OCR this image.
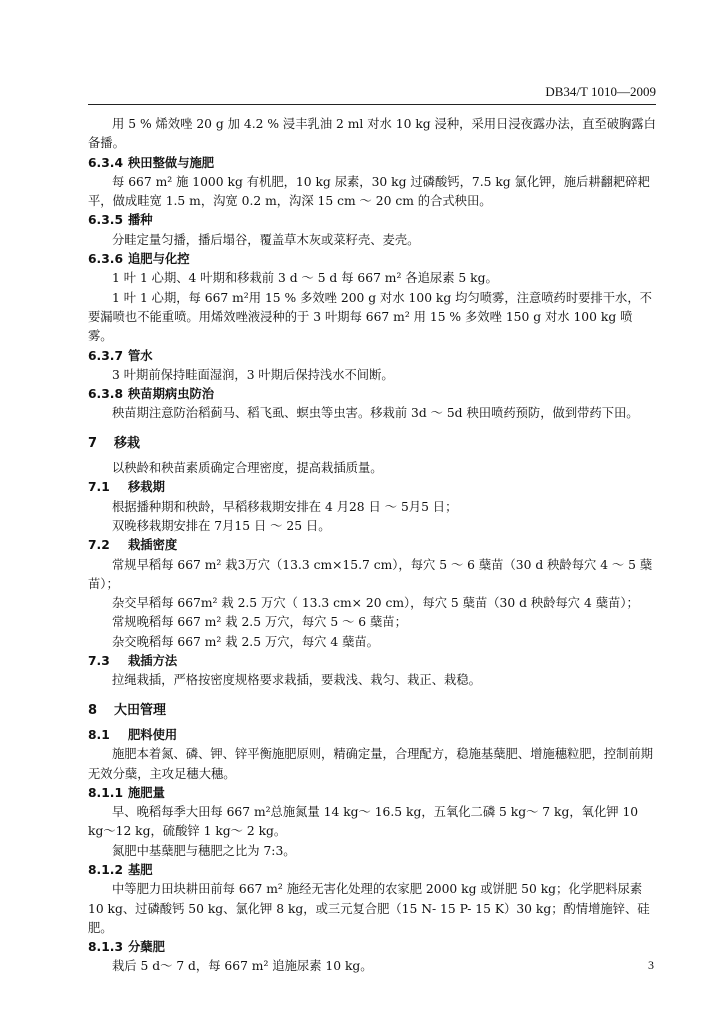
DB34/T 1010—2009

用 5 % 烯效唑 20 g 加 4.2 % 浸丰乳油 2 ml 对水 10 kg 浸种，采用日浸夜露办法，直至破胸露白备播。

6.3.4 秧田整做与施肥

每 667 m² 施 1000 kg 有机肥，10 kg 尿素，30 kg 过磷酸钙，7.5 kg 氯化钾，施后耕翻耙碎耙平，做成畦宽 1.5 m，沟宽 0.2 m，沟深 15 cm ～ 20 cm 的合式秧田。

6.3.5 播种

分畦定量匀播，播后塌谷，覆盖草木灰或菜籽壳、麦壳。

6.3.6 追肥与化控

1 叶 1 心期、4 叶期和移栽前 3 d ～ 5 d 每 667 m² 各追尿素 5 kg。

1 叶 1 心期，每 667 m²用 15 % 多效唑 200 g 对水 100 kg 均匀喷雾，注意喷药时要排干水，不要漏喷也不能重喷。用烯效唑液浸种的于 3 叶期每 667 m² 用 15 % 多效唑 150 g 对水 100 kg 喷雾。

6.3.7 管水

3 叶期前保持畦面湿润，3 叶期后保持浅水不间断。

6.3.8 秧苗期病虫防治

秧苗期注意防治稻蓟马、稻飞虱、螟虫等虫害。移栽前 3d ～ 5d 秧田喷药预防，做到带药下田。

7 移栽

以秧龄和秧苗素质确定合理密度，提高栽插质量。

7.1 移栽期

根据播种期和秧龄，早稻移栽期安排在 4 月28 日 ～ 5月5 日；

双晚移栽期安排在 7月15 日 ～ 25 日。

7.2 栽插密度

常规早稻每 667 m² 栽3万穴（13.3 cm×15.7 cm），每穴 5 ～ 6 蘖苗（30 d 秧龄每穴 4 ～ 5 蘖苗）；

杂交早稻每 667m² 栽 2.5 万穴（ 13.3 cm× 20 cm），每穴 5 蘖苗（30 d 秧龄每穴 4 蘖苗）；

常规晚稻每 667 m² 栽 2.5 万穴，每穴 5 ～ 6 蘖苗；

杂交晚稻每 667 m² 栽 2.5 万穴，每穴 4 蘖苗。

7.3 栽插方法

拉绳栽插，严格按密度规格要求栽插，要栽浅、栽匀、栽正、栽稳。

8 大田管理
8.1 肥料使用

施肥本着氮、磷、钾、锌平衡施肥原则，精确定量，合理配方，稳施基蘖肥、增施穗粒肥，控制前期无效分蘖，主攻足穗大穗。

8.1.1 施肥量

早、晚稻每季大田每 667 m²总施氮量 14 kg～ 16.5 kg，五氧化二磷 5 kg～ 7 kg，氧化钾 10 kg～12 kg，硫酸锌 1 kg～ 2 kg。

氮肥中基蘖肥与穗肥之比为 7:3。

8.1.2 基肥

中等肥力田块耕田前每 667 m² 施经无害化处理的农家肥 2000 kg 或饼肥 50 kg；化学肥料尿素 10 kg、过磷酸钙 50 kg、氯化钾 8 kg，或三元复合肥（15 N- 15 P- 15 K）30 kg；酌情增施锌、硅肥。

8.1.3 分蘖肥

栽后 5 d～ 7 d，每 667 m² 追施尿素 10 kg。	3
